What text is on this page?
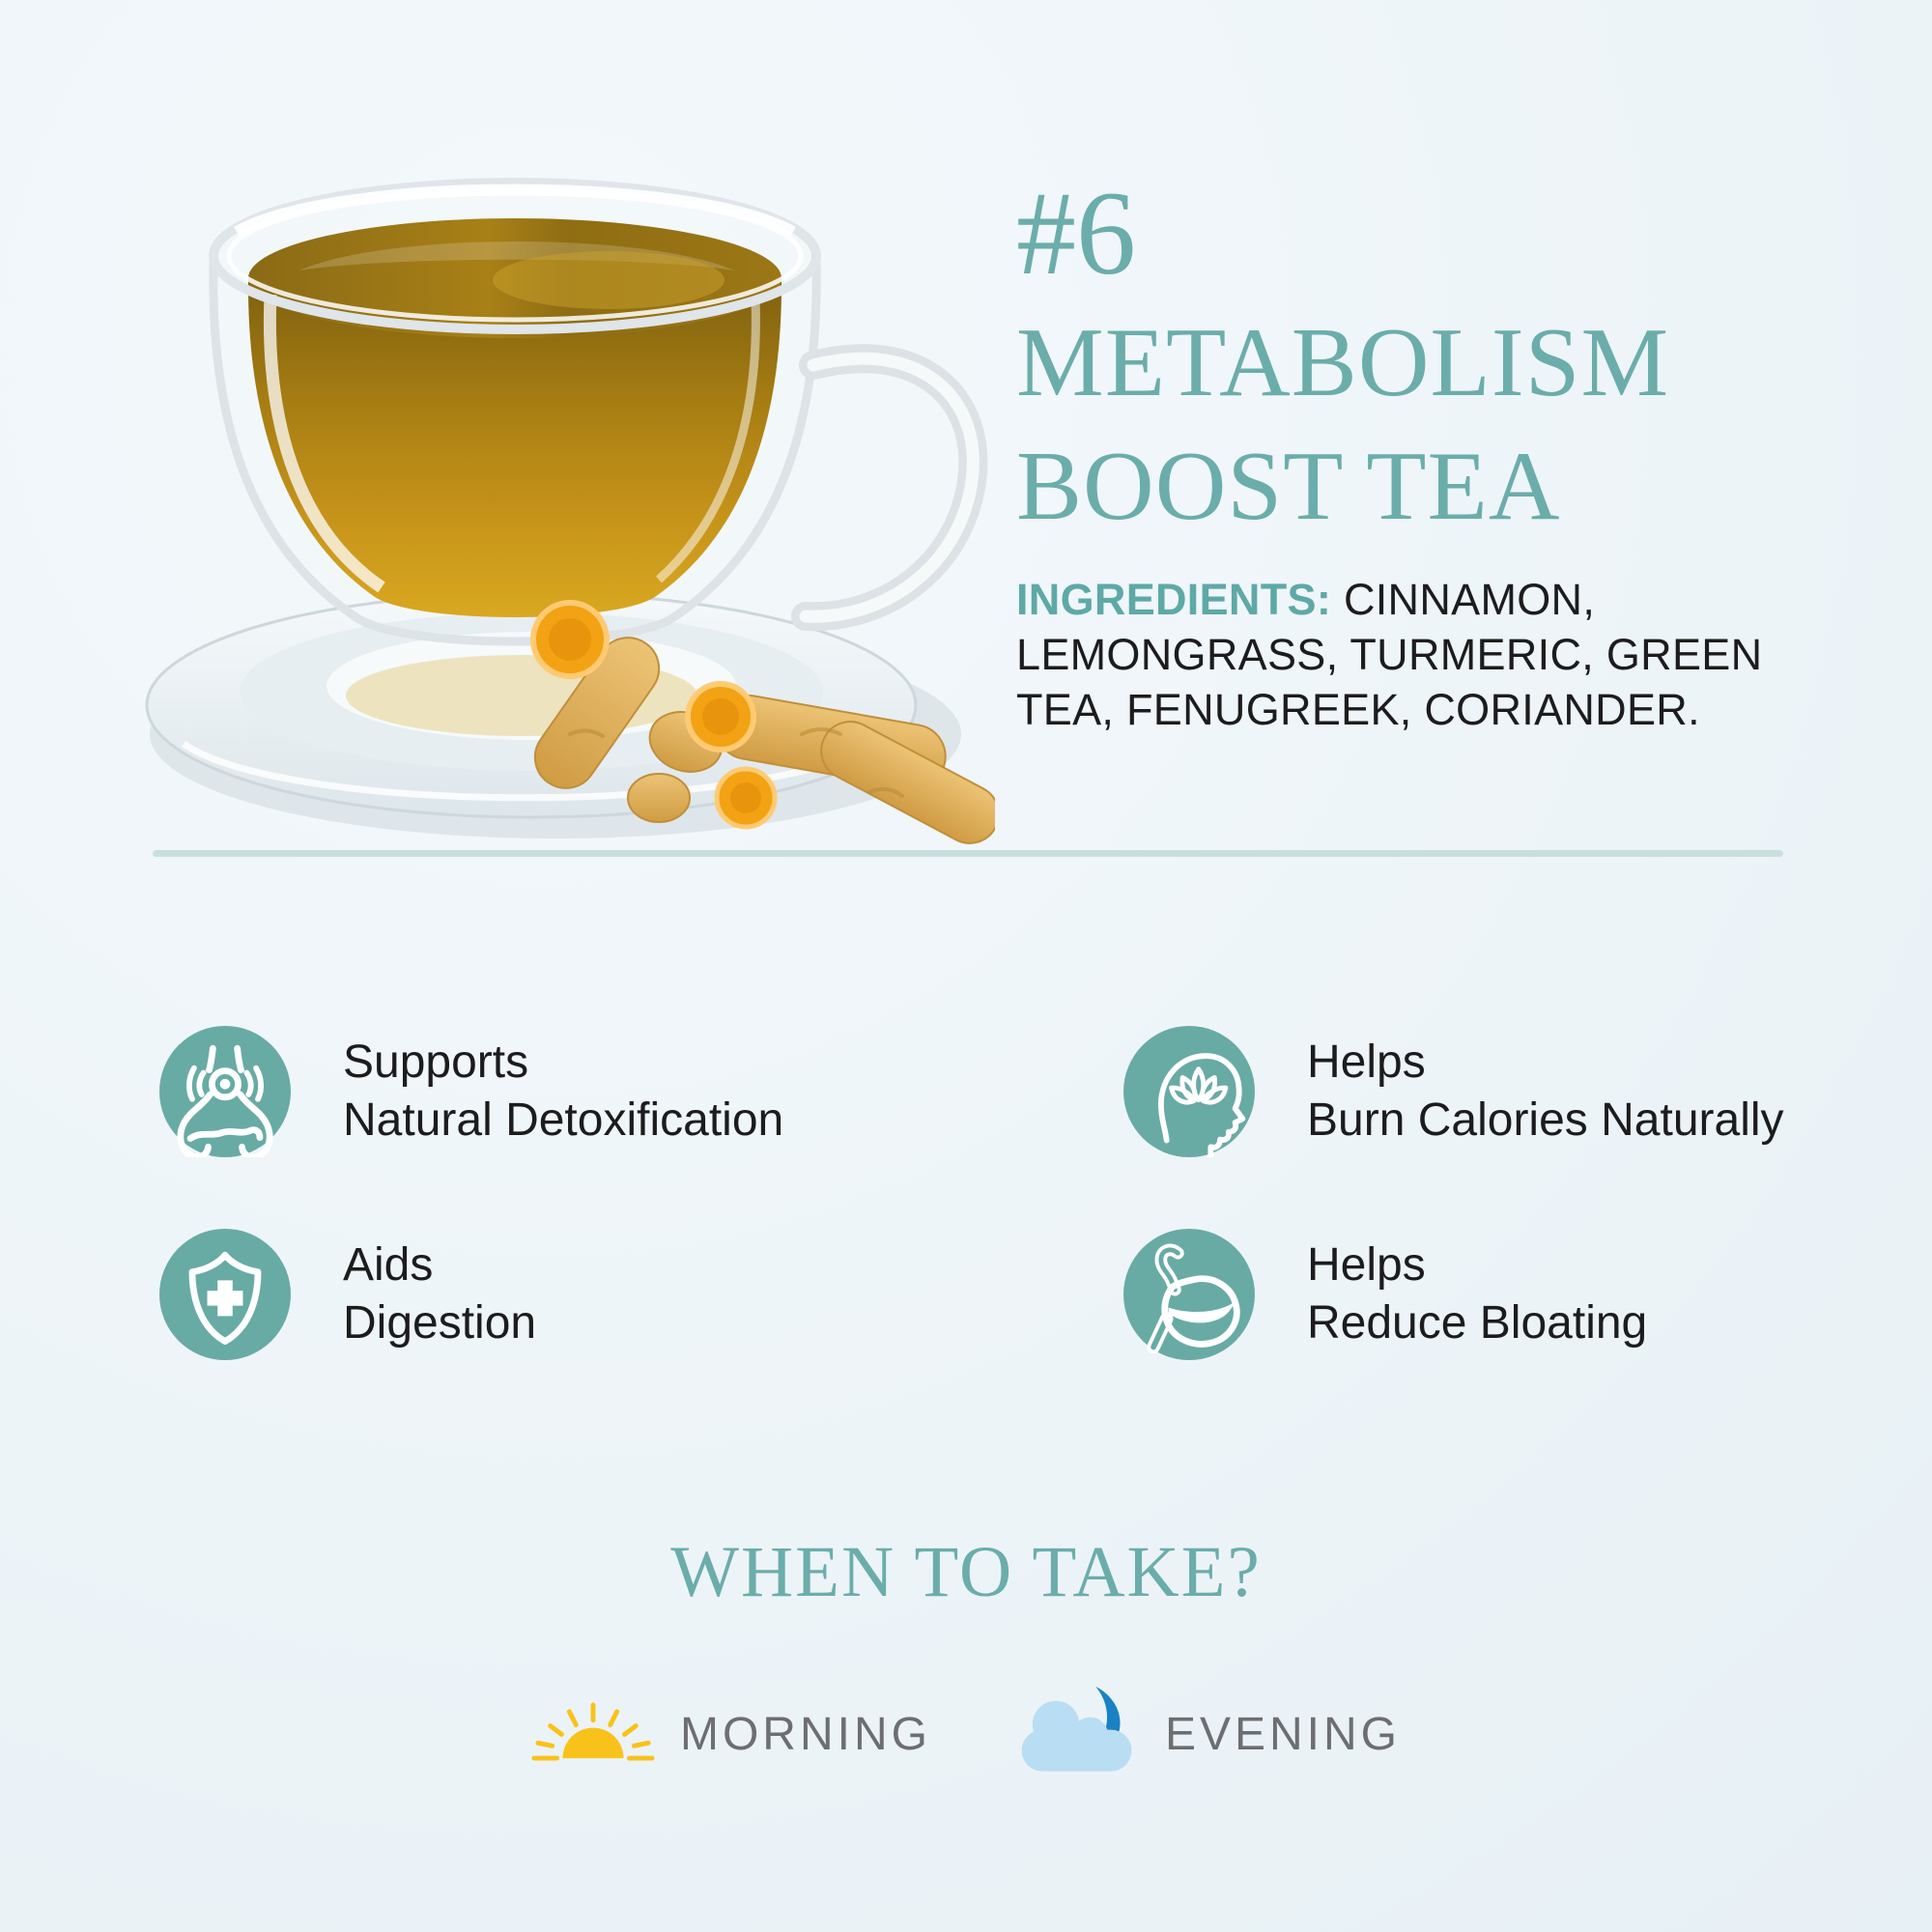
#6
METABOLISM
BOOST TEA
INGREDIENTS: CINNAMON, LEMONGRASS, TURMERIC, GREEN TEA, FENUGREEK, CORIANDER.
Supports
Natural Detoxification
Helps
Burn Calories Naturally
Aids
Digestion
Helps
Reduce Bloating
WHEN TO TAKE?
MORNING	EVENING
